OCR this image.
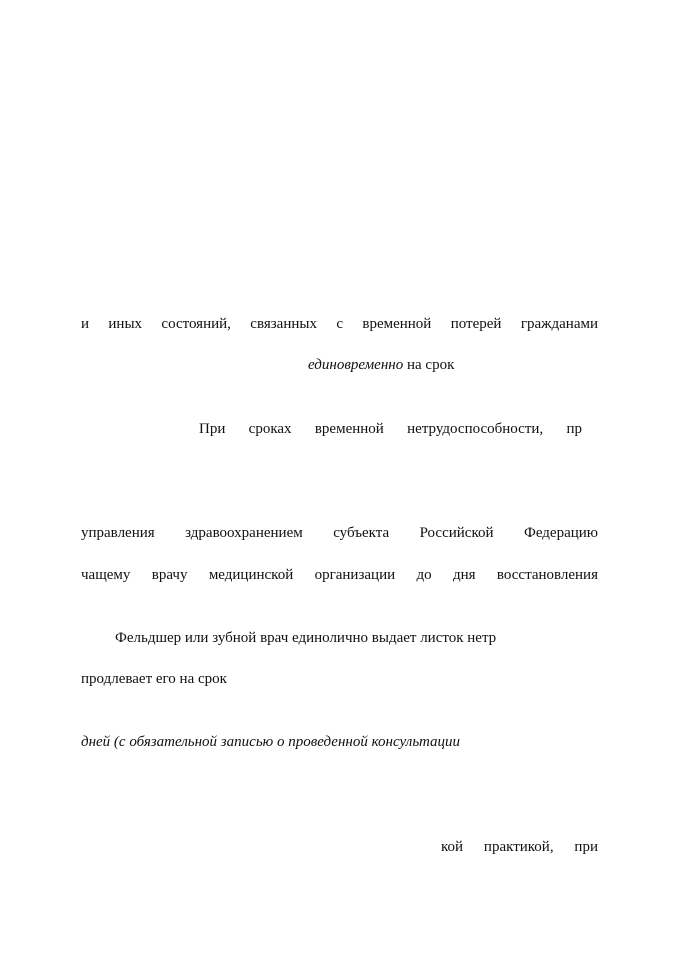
и иных состояний, связанных с временной потерей гражданами
единовременно на срок
При сроках временной нетрудоспособности, пр
управления здравоохранением субъекта Российской Федерацию
чащему врачу медицинской организации до дня восстановления
Фельдшер или зубной врач единолично выдает листок нетр
продлевает его на срок
дней (с обязательной записью о проведенной консультации
кой практикой, при
